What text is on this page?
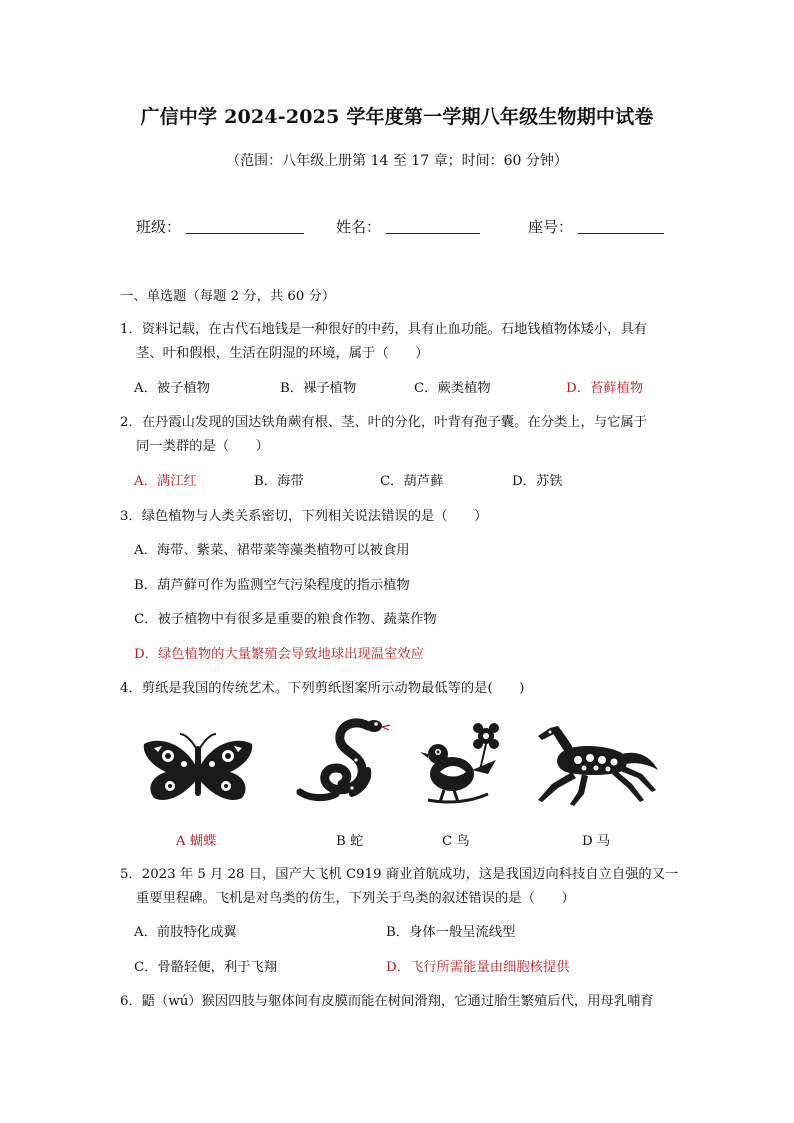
广信中学 2024-2025 学年度第一学期八年级生物期中试卷
（范围：八年级上册第 14 至 17 章；时间：60 分钟）
班级：	姓名：	座号：
一、单选题（每题 2 分，共 60 分）
1．资料记载，在古代石地钱是一种很好的中药，具有止血功能。石地钱植物体矮小，具有
茎、叶和假根，生活在阴湿的环境，属于（　　）
A．被子植物	B．裸子植物	C．蕨类植物	D．苔藓植物
2．在丹霞山发现的国达铁角蕨有根、茎、叶的分化，叶背有孢子囊。在分类上，与它属于
同一类群的是（　　）
A．满江红	B．海带	C．葫芦藓	D．苏铁
3．绿色植物与人类关系密切，下列相关说法错误的是（　　）
A．海带、紫菜、裙带菜等藻类植物可以被食用
B．葫芦藓可作为监测空气污染程度的指示植物
C．被子植物中有很多是重要的粮食作物、蔬菜作物
D．绿色植物的大量繁殖会导致地球出现温室效应
4．剪纸是我国的传统艺术。下列剪纸图案所示动物最低等的是(　　)
A 蝴蝶	B 蛇	C 鸟	D 马
5．2023 年 5 月 28 日，国产大飞机 C919 商业首航成功，这是我国迈向科技自立自强的又一
重要里程碑。飞机是对鸟类的仿生，下列关于鸟类的叙述错误的是（　　）
A．前肢特化成翼	B．身体一般呈流线型
C．骨骼轻便，利于飞翔	D．飞行所需能量由细胞核提供
6．鼯（wú）猴因四肢与躯体间有皮膜而能在树间滑翔，它通过胎生繁殖后代，用母乳哺育
